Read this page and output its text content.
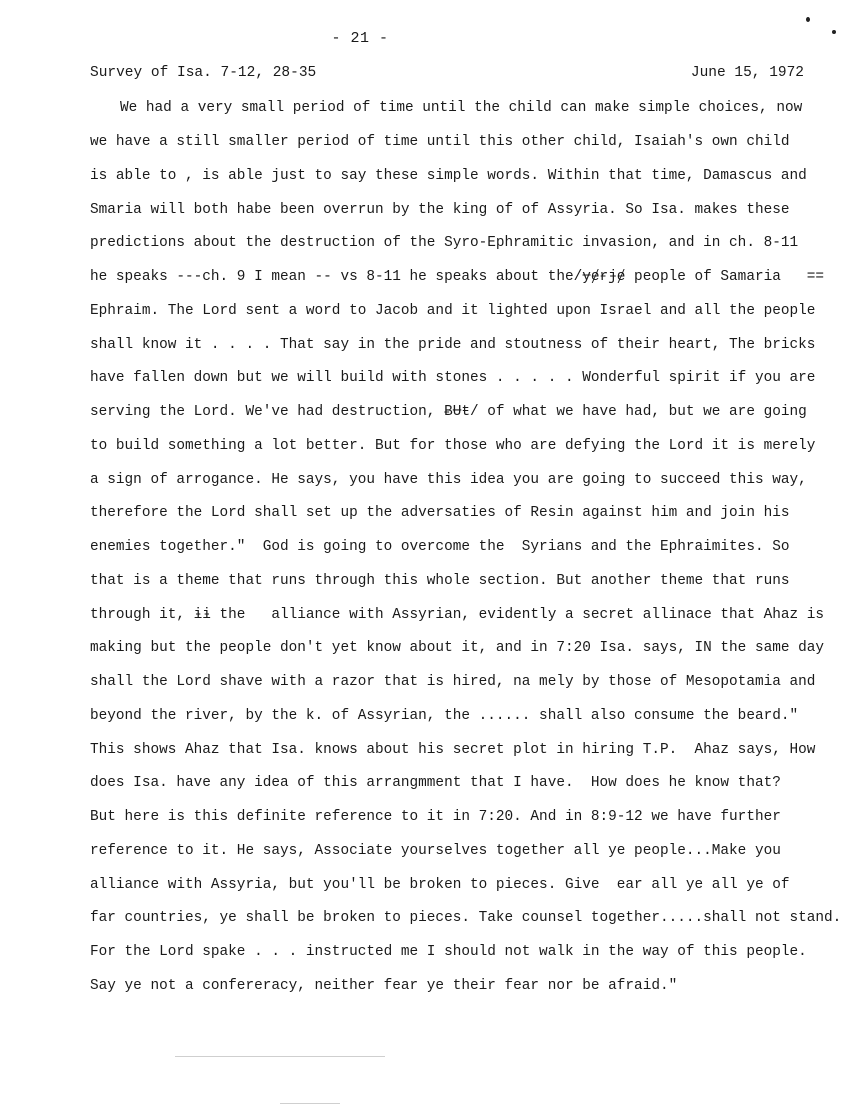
- 21 -
Survey of Isa. 7-12, 28-35	June 15, 1972
We had a very small period of time until the child can make simple choices, now
we have a still smaller period of time until this other child, Isaiah's own child
is able to , is able just to say these simple words. Within that time, Damascus and
Smaria will both habe been overrun by the king of of Assyria. So Isa. makes these
predictions about the destruction of the Syro-Ephramitic invasion, and in ch. 8-11
he speaks ---ch. 9 I mean -- vs 8-11 he speaks about the/ɏɇɍɉɇ people of Samaria   ==
Ephraim. The Lord sent a word to Jacob and it lighted upon Israel and all the people
shall know it . . . . That say in the pride and stoutness of their heart, The bricks
have fallen down but we will build with stones . . . . . Wonderful spirit if you are
serving the Lord. We've had destruction, ɃɄŧ/ of what we have had, but we are going
to build something a lot better. But for those who are defying the Lord it is merely
a sign of arrogance. He says, you have this idea you are going to succeed this way,
therefore the Lord shall set up the adversaties of Resin against him and join his
enemies together."  God is going to overcome the  Syrians and the Ephraimites. So
that is a theme that runs through this whole section. But another theme that runs
through it, ɨɨ the   alliance with Assyrian, evidently a secret allinace that Ahaz is
making but the people don't yet know about it, and in 7:20 Isa. says, IN the same day
shall the Lord shave with a razor that is hired, na mely by those of Mesopotamia and
beyond the river, by the k. of Assyrian, the ...... shall also consume the beard."
This shows Ahaz that Isa. knows about his secret plot in hiring T.P.  Ahaz says, How
does Isa. have any idea of this arrangmment that I have.  How does he know that?
But here is this definite reference to it in 7:20. And in 8:9-12 we have further
reference to it. He says, Associate yourselves together all ye people...Make you
alliance with Assyria, but you'll be broken to pieces. Give  ear all ye all ye of
far countries, ye shall be broken to pieces. Take counsel together.....shall not stand.
For the Lord spake . . . instructed me I should not walk in the way of this people.
Say ye not a confereracy, neither fear ye their fear nor be afraid."
